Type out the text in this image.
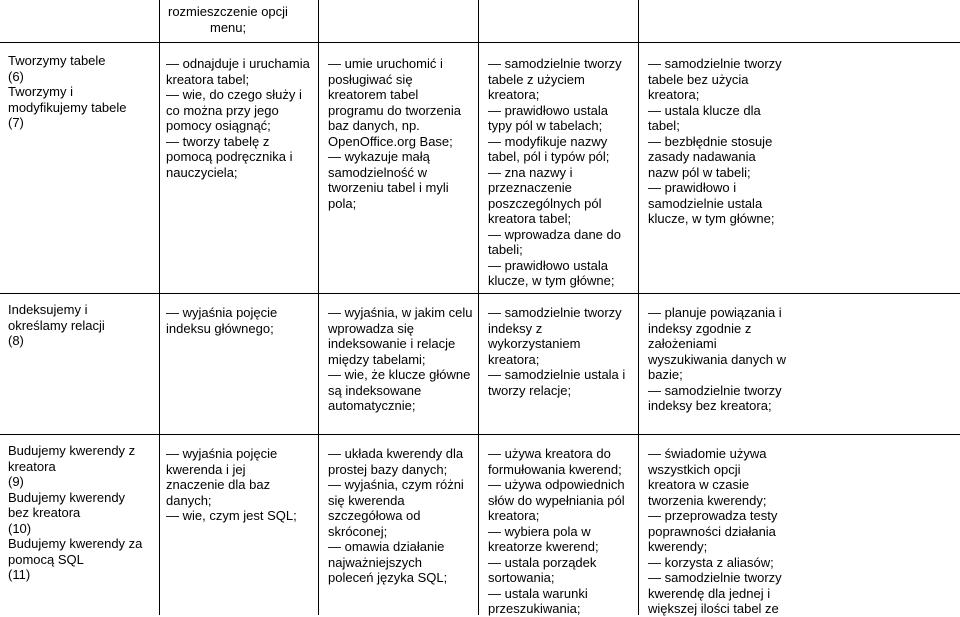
rozmieszczenie opcji
menu;
Tworzymy tabele
(6)
Tworzymy i
modyfikujemy tabele
(7)
— odnajduje i uruchamia
kreatora tabel;
— wie, do czego służy i
co można przy jego
pomocy osiągnąć;
— tworzy tabelę z
pomocą podręcznika i
nauczyciela;
— umie uruchomić i
posługiwać się
kreatorem tabel
programu do tworzenia
baz danych, np.
OpenOffice.org Base;
— wykazuje małą
samodzielność w
tworzeniu tabel i myli
pola;
— samodzielnie tworzy
tabele z użyciem
kreatora;
— prawidłowo ustala
typy pól w tabelach;
— modyfikuje nazwy
tabel, pól i typów pól;
— zna nazwy i
przeznaczenie
poszczególnych pól
kreatora tabel;
— wprowadza dane do
tabeli;
— prawidłowo ustala
klucze, w tym główne;
— samodzielnie tworzy
tabele bez użycia
kreatora;
— ustala klucze dla
tabel;
— bezbłędnie stosuje
zasady nadawania
nazw pól w tabeli;
— prawidłowo i
samodzielnie ustala
klucze, w tym główne;
Indeksujemy i
określamy relacji
(8)
— wyjaśnia pojęcie
indeksu głównego;
— wyjaśnia, w jakim celu
wprowadza się
indeksowanie i relacje
między tabelami;
— wie, że klucze główne
są indeksowane
automatycznie;
— samodzielnie tworzy
indeksy z
wykorzystaniem
kreatora;
— samodzielnie ustala i
tworzy relacje;
— planuje powiązania i
indeksy zgodnie z
założeniami
wyszukiwania danych w
bazie;
— samodzielnie tworzy
indeksy bez kreatora;
Budujemy kwerendy z
kreatora
(9)
Budujemy kwerendy
bez kreatora
(10)
Budujemy kwerendy za
pomocą SQL
(11)
— wyjaśnia pojęcie
kwerenda i jej
znaczenie dla baz
danych;
— wie, czym jest SQL;
— układa kwerendy dla
prostej bazy danych;
— wyjaśnia, czym różni
się kwerenda
szczegółowa od
skróconej;
— omawia działanie
najważniejszych
poleceń języka SQL;
— używa kreatora do
formułowania kwerend;
— używa odpowiednich
słów do wypełniania pól
kreatora;
— wybiera pola w
kreatorze kwerend;
— ustala porządek
sortowania;
— ustala warunki
przeszukiwania;
— świadomie używa
wszystkich opcji
kreatora w czasie
tworzenia kwerendy;
— przeprowadza testy
poprawności działania
kwerendy;
— korzysta z aliasów;
— samodzielnie tworzy
kwerendę dla jednej i
większej ilości tabel ze
